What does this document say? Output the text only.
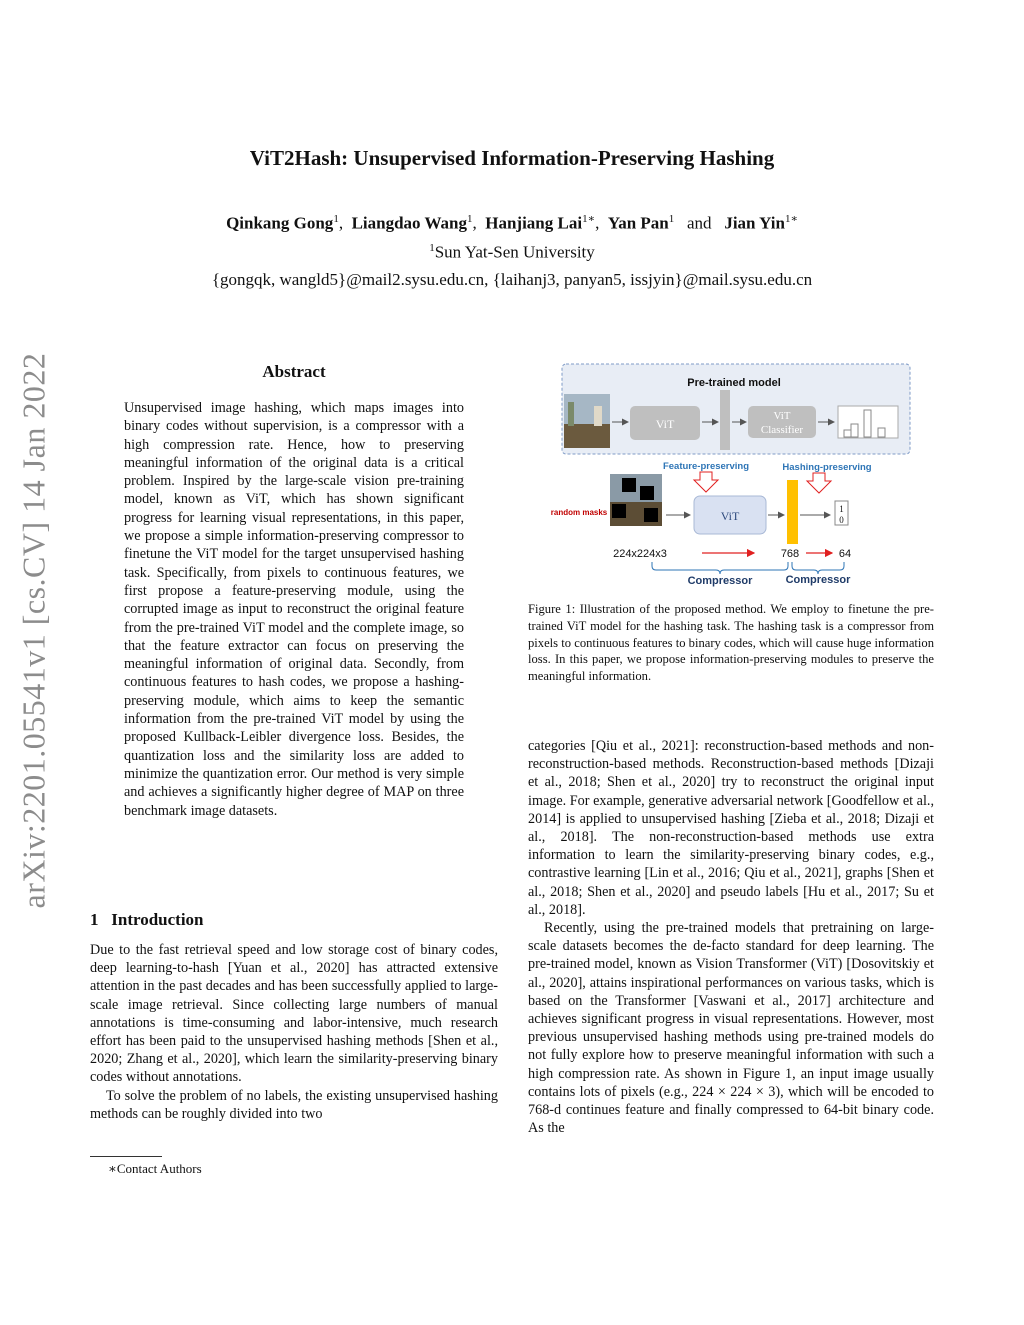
arXiv:2201.05541v1 [cs.CV] 14 Jan 2022
ViT2Hash: Unsupervised Information-Preserving Hashing
Qinkang Gong$^1$, Liangdao Wang$^1$, Hanjiang Lai$^{1∗}$, Yan Pan$^1$ and Jian Yin$^{1∗}$
$^1$Sun Yat-Sen University
{gongqk, wangld5}@mail2.sysu.edu.cn, {laihanj3, panyan5, issjyin}@mail.sysu.edu.cn
Abstract
Unsupervised image hashing, which maps images into binary codes without supervision, is a compressor with a high compression rate. Hence, how to preserving meaningful information of the original data is a critical problem. Inspired by the large-scale vision pre-training model, known as ViT, which has shown significant progress for learning visual representations, in this paper, we propose a simple information-preserving compressor to finetune the ViT model for the target unsupervised hashing task. Specifically, from pixels to continuous features, we first propose a feature-preserving module, using the corrupted image as input to reconstruct the original feature from the pre-trained ViT model and the complete image, so that the feature extractor can focus on preserving the meaningful information of original data. Secondly, from continuous features to hash codes, we propose a hashing-preserving module, which aims to keep the semantic information from the pre-trained ViT model by using the proposed Kullback-Leibler divergence loss. Besides, the quantization loss and the similarity loss are added to minimize the quantization error. Our method is very simple and achieves a significantly higher degree of MAP on three benchmark image datasets.
1 Introduction

Due to the fast retrieval speed and low storage cost of binary codes, deep learning-to-hash [Yuan et al., 2020] has attracted extensive attention in the past decades and has been successfully applied to large-scale image retrieval. Since collecting large numbers of manual annotations is time-consuming and labor-intensive, much research effort has been paid to the unsupervised hashing methods [Shen et al., 2020; Zhang et al., 2020], which learn the similarity-preserving binary codes without annotations.

To solve the problem of no labels, the existing unsupervised hashing methods can be roughly divided into two

∗Contact Authors
Pre-trained model
ViT
ViT
Classifier
Feature-preserving	Hashing-preserving
random masks	ViT	1
0
224x224x3	768	64
Compressor	Compressor
Figure 1: Illustration of the proposed method. We employ to finetune the pre-trained ViT model for the hashing task. The hashing task is a compressor from pixels to continuous features to binary codes, which will cause huge information loss. In this paper, we propose information-preserving modules to preserve the meaningful information.

categories [Qiu et al., 2021]: reconstruction-based methods and non-reconstruction-based methods. Reconstruction-based methods [Dizaji et al., 2018; Shen et al., 2020] try to reconstruct the original input image. For example, generative adversarial network [Goodfellow et al., 2014] is applied to unsupervised hashing [Zieba et al., 2018; Dizaji et al., 2018]. The non-reconstruction-based methods use extra information to learn the similarity-preserving binary codes, e.g., contrastive learning [Lin et al., 2016; Qiu et al., 2021], graphs [Shen et al., 2018; Shen et al., 2020] and pseudo labels [Hu et al., 2017; Su et al., 2018].

Recently, using the pre-trained models that pretraining on large-scale datasets becomes the de-facto standard for deep learning. The pre-trained model, known as Vision Transformer (ViT) [Dosovitskiy et al., 2020], attains inspirational performances on various tasks, which is based on the Transformer [Vaswani et al., 2017] architecture and achieves significant progress in visual representations. However, most previous unsupervised hashing methods using pre-trained models do not fully explore how to preserve meaningful information with such a high compression rate. As shown in Figure 1, an input image usually contains lots of pixels (e.g., 224 × 224 × 3), which will be encoded to 768-d continues feature and finally compressed to 64-bit binary code. As the
